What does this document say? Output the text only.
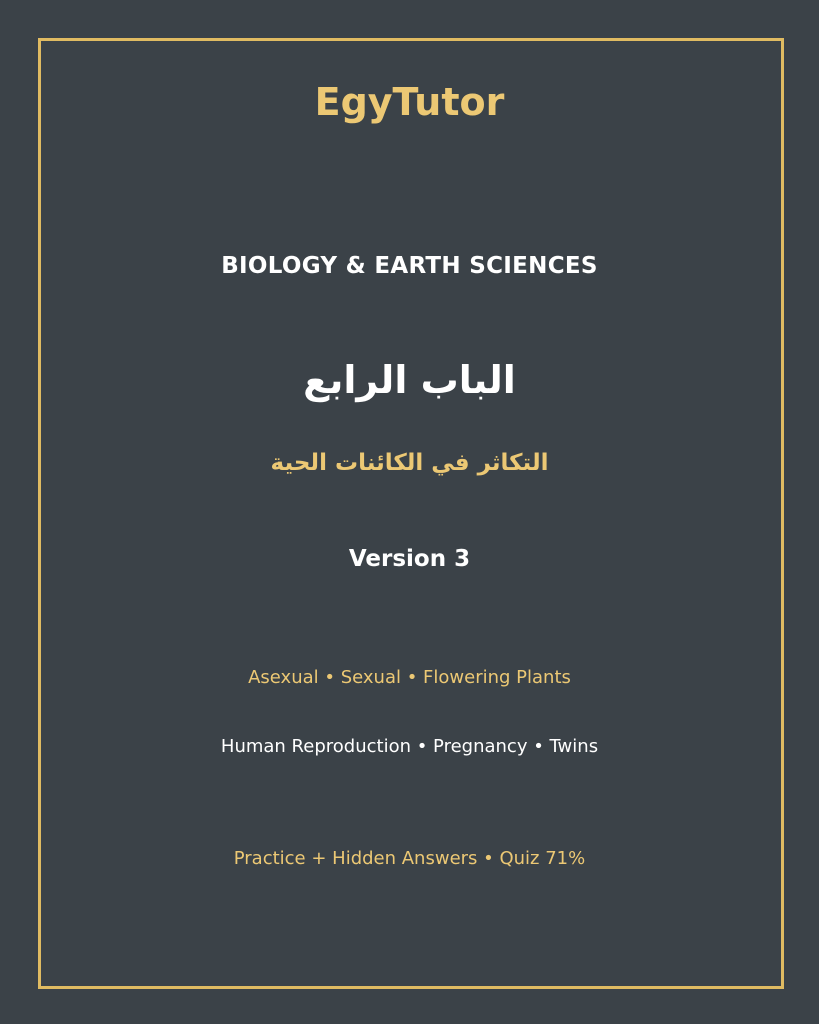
EgyTutor
BIOLOGY & EARTH SCIENCES
الباب الرابع
التكاثر في الكائنات الحية
Version 3
Asexual • Sexual • Flowering Plants
Human Reproduction • Pregnancy • Twins
Practice + Hidden Answers • Quiz 71%
